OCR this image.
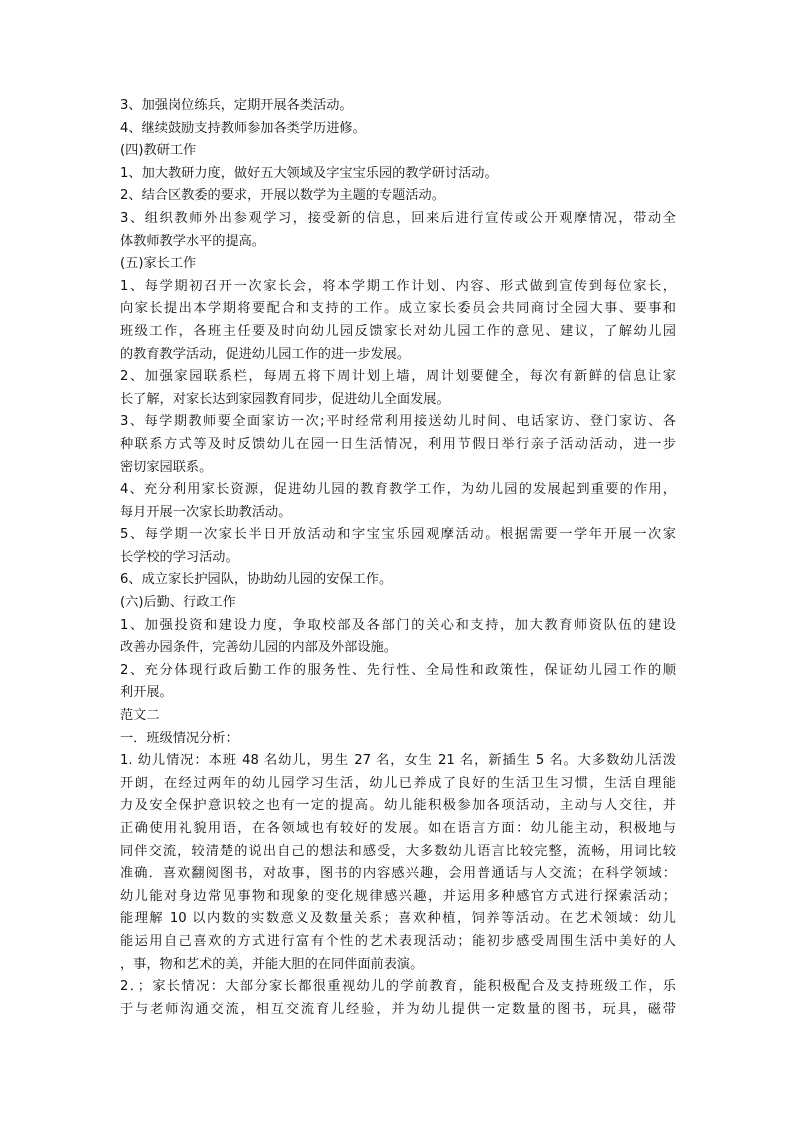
3、加强岗位练兵，定期开展各类活动。
4、继续鼓励支持教师参加各类学历进修。
(四)教研工作
1、加大教研力度，做好五大领域及字宝宝乐园的教学研讨活动。
2、结合区教委的要求，开展以数学为主题的专题活动。
3、组织教师外出参观学习，接受新的信息，回来后进行宣传或公开观摩情况，带动全
体教师教学水平的提高。
(五)家长工作
1、每学期初召开一次家长会，将本学期工作计划、内容、形式做到宣传到每位家长，
向家长提出本学期将要配合和支持的工作。成立家长委员会共同商讨全园大事、要事和
班级工作，各班主任要及时向幼儿园反馈家长对幼儿园工作的意见、建议，了解幼儿园
的教育教学活动，促进幼儿园工作的进一步发展。
2、加强家园联系栏，每周五将下周计划上墙，周计划要健全，每次有新鲜的信息让家
长了解，对家长达到家园教育同步，促进幼儿全面发展。
3、每学期教师要全面家访一次;平时经常利用接送幼儿时间、电话家访、登门家访、各
种联系方式等及时反馈幼儿在园一日生活情况，利用节假日举行亲子活动活动，进一步
密切家园联系。
4、充分利用家长资源，促进幼儿园的教育教学工作，为幼儿园的发展起到重要的作用，
每月开展一次家长助教活动。
5、每学期一次家长半日开放活动和字宝宝乐园观摩活动。根据需要一学年开展一次家
长学校的学习活动。
6、成立家长护园队，协助幼儿园的安保工作。
(六)后勤、行政工作
1、加强投资和建设力度，争取校部及各部门的关心和支持，加大教育师资队伍的建设
改善办园条件，完善幼儿园的内部及外部设施。
2、充分体现行政后勤工作的服务性、先行性、全局性和政策性，保证幼儿园工作的顺
利开展。
范文二
一．班级情况分析：
1. 幼儿情况：本班 48 名幼儿，男生 27 名，女生 21 名，新插生 5 名。大多数幼儿活泼
开朗，在经过两年的幼儿园学习生活，幼儿已养成了良好的生活卫生习惯，生活自理能
力及安全保护意识较之也有一定的提高。幼儿能积极参加各项活动，主动与人交往，并
正确使用礼貌用语，在各领域也有较好的发展。如在语言方面：幼儿能主动，积极地与
同伴交流，较清楚的说出自己的想法和感受，大多数幼儿语言比较完整，流畅，用词比较
准确．喜欢翻阅图书，对故事，图书的内容感兴趣，会用普通话与人交流；在科学领域：
幼儿能对身边常见事物和现象的变化规律感兴趣，并运用多种感官方式进行探索活动；
能理解 10 以内数的实数意义及数量关系；喜欢种植，饲养等活动。在艺术领域：幼儿
能运用自己喜欢的方式进行富有个性的艺术表现活动；能初步感受周围生活中美好的人
，事，物和艺术的美，并能大胆的在同伴面前表演。
2．；家长情况：大部分家长都很重视幼儿的学前教育，能积极配合及支持班级工作，乐
于与老师沟通交流，相互交流育儿经验，并为幼儿提供一定数量的图书，玩具，磁带
